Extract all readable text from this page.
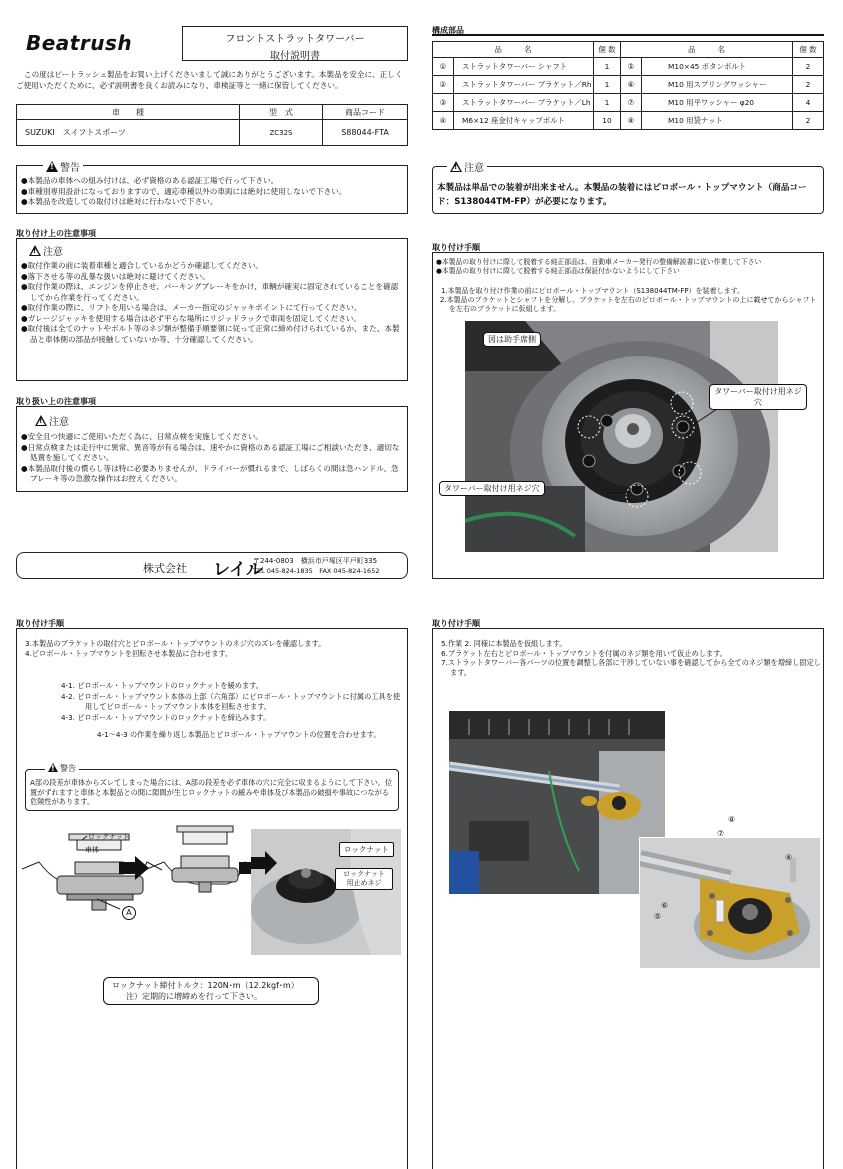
Beatrush	フロントストラットタワーバー
取付説明書
この度はビートラッシュ製品をお買い上げくださいまして誠にありがとうございます。本製品を安全に、正しくご使用いただくために、必ず説明書を良くお読みになり、車検証等と一緒に保管してください。
車　　種	型　式	商品コード
SUZUKI　スイフトスポーツ	ZC32S	S88044-FTA

●本製品の車体への組み付けは、必ず資格のある認証工場で行って下さい。

●車種別専用設計になっておりますので、適応車種以外の車両には絶対に使用しないで下さい。

●本製品を改造しての取付けは絶対に行わないで下さい。

!警告
取り付け上の注意事項
!注意

●取付作業の前に装着車種と適合しているかどうか確認してください。

●落下させる等の乱暴な扱いは絶対に避けてください。

●取付作業の際は、エンジンを停止させ、パーキングブレーキをかけ、車輌が確実に固定されていることを確認してから作業を行ってください。

●取付作業の際に、リフトを用いる場合は、メーカー指定のジャッキポイントにて行ってください。

●ガレージジャッキを使用する場合は必ず平らな場所にリジッドラックで車両を固定してください。

●取付後は全てのナットやボルト等のネジ類が整備手順要領に従って正常に締め付けられているか、また、本製品と車体側の部品が接触していないか等、十分確認してください。

取り扱い上の注意事項
!注意

●安全且つ快適にご使用いただく為に、日常点検を実施してください。

●日常点検または走行中に異常、異音等が有る場合は、速やかに資格のある認証工場にご相談いただき、適切な処置を施してください。

●本製品取付後の慣らし等は特に必要ありませんが、ドライバーが慣れるまで、しばらくの間は急ハンドル、急ブレーキ等の急激な操作はお控えください。

株式会社 レイル
〒244-0803　横浜市戸塚区平戸町335
TEL 045-824-1835　FAX 045-824-1652
構成部品
品　　　名		個 数	品　　　名		個 数
①	ストラットタワーバー シャフト	1	⑤	M10×45 ボタンボルト	2
②	ストラットタワーバー ブラケット／Rh	1	⑥	M10 用スプリングワッシャー	2
③	ストラットタワーバー ブラケット／Lh	1	⑦	M10 用平ワッシャー φ20	4
④	M6×12 座金付キャップボルト	10	⑧	M10 用袋ナット	2
本製品は単品での装着が出来ません。本製品の装着にはピロボール・トップマウント（商品コード：S138044TM-FP）が必要になります。
!注意
取り付け手順

●本製品の取り付けに際して脱着する純正部品は、自動車メーカー発行の整備解説書に従い作業して下さい

●本製品の取り付けに際して脱着する純正部品は保証付かないようにして下さい

1.本製品を取り付け作業の前にピロボール・トップマウント（S138044TM-FP）を装着します。

2.本製品のブラケットとシャフトを分解し、ブラケットを左右のピロボール・トップマウントの上に載せてからシャフトを左右のブラケットに仮組します。

図は助手席側
タワーバー取付け用ネジ穴
タワーバー取付け用ネジ穴
取り付け手順
3.本製品のブラケットの取付穴とピロボール・トップマウントのネジ穴のズレを確認します。
4.ピロボール・トップマウントを回転させ本製品に合わせます。

4-1. ピロボール・トップマウントのロックナットを緩めます。

4-2. ピロボール・トップマウント本体の上部（六角部）にピロボール・トップマウントに付属の工具を使用してピロボール・トップマウント本体を回転させます。

4-3. ピロボール・トップマウントのロックナットを締込みます。

4-1～4-3 の作業を繰り返し本製品とピロボール・トップマウントの位置を合わせます。
A部の段差が車体からズレてしまった場合には、A部の段差を必ず車体の穴に完全に収まるようにして下さい。位置がずれますと車体と本製品との間に隙間が生じロックナットの緩みや車体及び本製品の破損や事故につながる危険性があります。
!警告
ロックナット
車体
A
ロックナット
ロックナット用止めネジ
ロックナット締付トルク：120N･m（12.2kgf･m）
注）定期的に増締めを行って下さい。
取り付け手順

5.作業 2. 同様に本製品を仮組します。

6.ブラケット左右とピロボール・トップマウントを付属のネジ類を用いて仮止めします。

7.ストラットタワーバー各パーツの位置を調整し各部に干渉していない事を確認してから全てのネジ類を増締し固定します。

④
⑤
⑥
⑦
⑧
